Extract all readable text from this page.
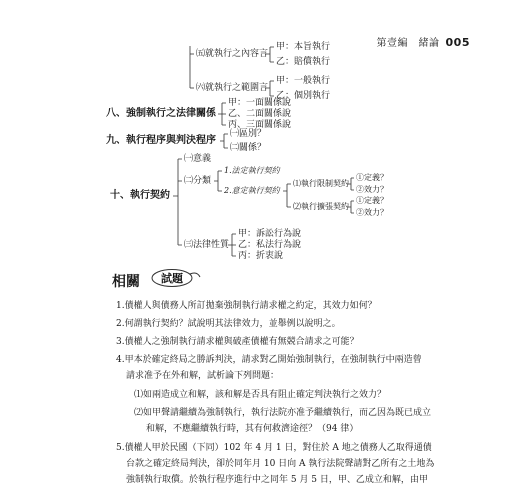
第壹編　緒論 005
㈤就執行之內容言
甲：本旨執行
乙：賠償執行
㈥就執行之範圍言
甲：一般執行
乙：個別執行
八、強制執行之法律關係
甲：一面關係說
乙、二面關係說
丙、三面關係說
九、執行程序與判決程序
㈠區別？
㈡關係？
十、執行契約
㈠意義
㈡分類
1.法定執行契約
2.意定執行契約
⑴執行限制契約
⑵執行擴張契約
①定義？
②效力？
①定義？
②效力？
㈢法律性質
甲：訴訟行為說
乙：私法行為說
丙：折衷說
相關 試題
1.債權人與債務人所訂拋棄強制執行請求權之約定，其效力如何？
2.何謂執行契約？試說明其法律效力，並舉例以說明之。
3.債權人之強制執行請求權與破產債權有無競合請求之可能？
4.甲本於確定終局之勝訴判決，請求對乙開始強制執行，在強制執行中兩造曾
請求准予在外和解，試析論下列問題：
⑴如兩造成立和解，該和解是否具有阻止確定判決執行之效力？
⑵如甲聲請繼續為強制執行，執行法院亦准予繼續執行，而乙因為既已成立
和解，不應繼續執行時，其有何救濟途徑？（94 律）
5.債權人甲於民國（下同）102 年 4 月 1 日，對住於 A 地之債務人乙取得通債
台款之確定終局判決，卻於同年月 10 日向 A 執行法院聲請對乙所有之土地為
強制執行取償。於執行程序進行中之同年 5 月 5 日，甲、乙成立和解，由甲
